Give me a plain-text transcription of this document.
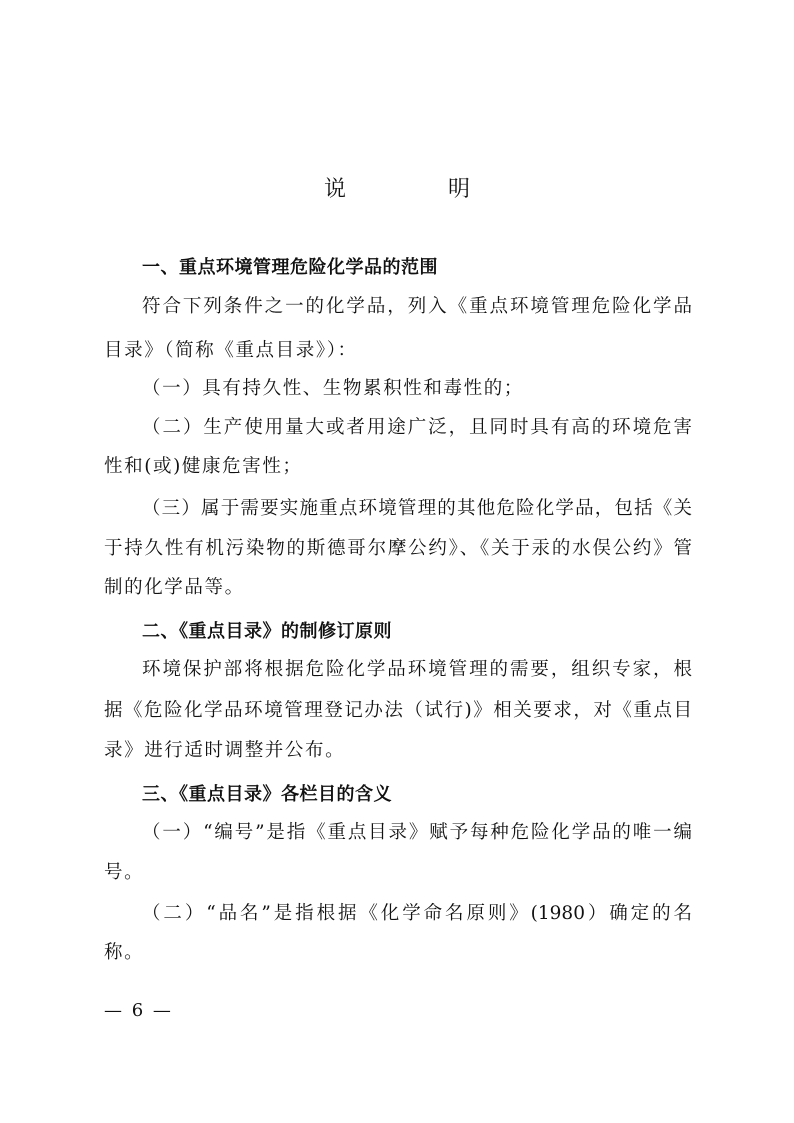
说　明
一、重点环境管理危险化学品的范围
符合下列条件之一的化学品，列入《重点环境管理危险化学品
目录》（简称《重点目录》）：
（一）具有持久性、生物累积性和毒性的；
（二）生产使用量大或者用途广泛，且同时具有高的环境危害
性和(或)健康危害性；
（三）属于需要实施重点环境管理的其他危险化学品，包括《关
于持久性有机污染物的斯德哥尔摩公约》、《关于汞的水俣公约》管
制的化学品等。
二、《重点目录》的制修订原则
环境保护部将根据危险化学品环境管理的需要，组织专家，根
据《危险化学品环境管理登记办法（试行)》相关要求，对《重点目
录》进行适时调整并公布。
三、《重点目录》各栏目的含义
（一）“编号”是指《重点目录》赋予每种危险化学品的唯一编
号。
（二）“品名”是指根据《化学命名原则》(1980）确定的名
称。
— 6 —
